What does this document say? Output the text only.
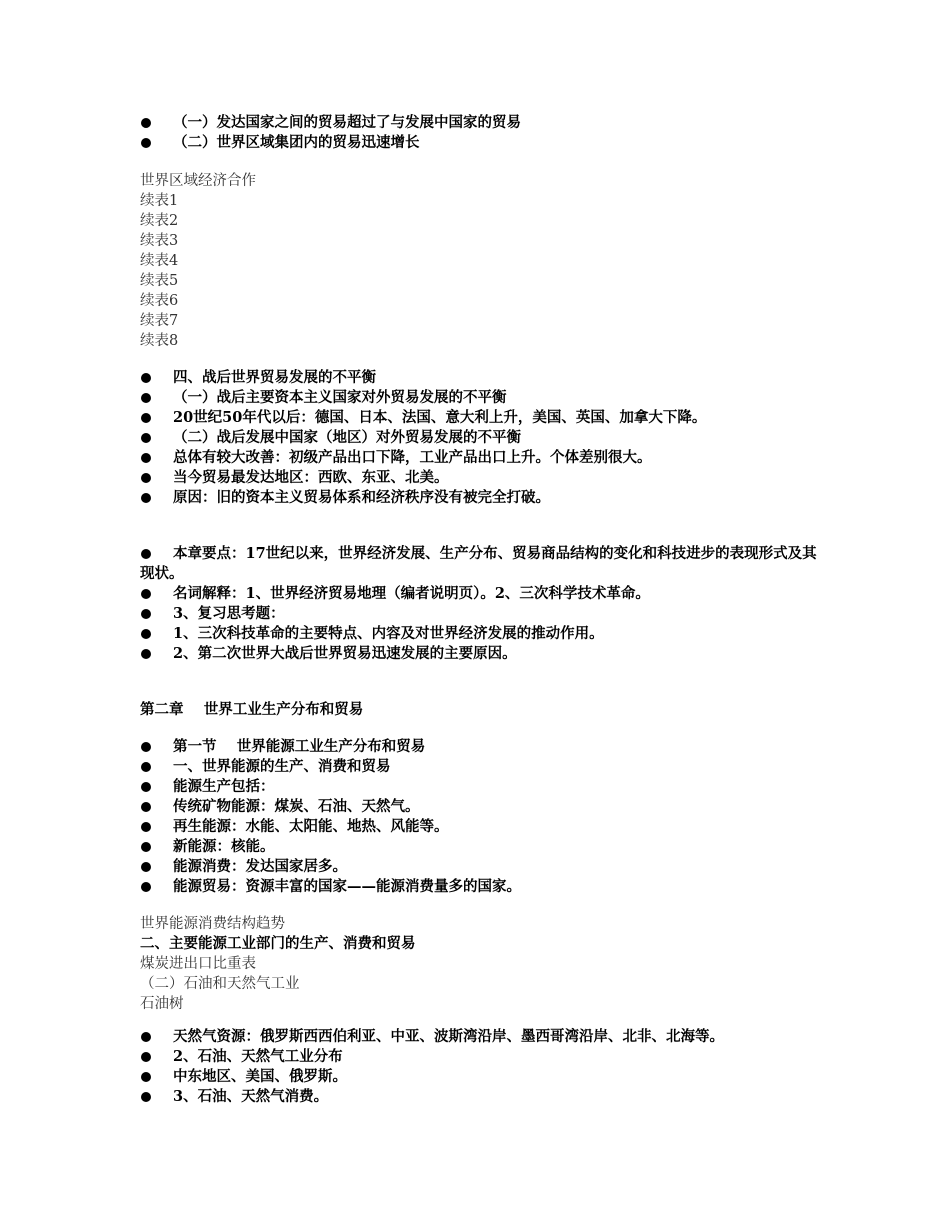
（一）发达国家之间的贸易超过了与发展中国家的贸易
（二）世界区域集团内的贸易迅速增长
世界区域经济合作
续表1
续表2
续表3
续表4
续表5
续表6
续表7
续表8
四、战后世界贸易发展的不平衡
（一）战后主要资本主义国家对外贸易发展的不平衡
20世纪50年代以后：德国、日本、法国、意大利上升，美国、英国、加拿大下降。
（二）战后发展中国家（地区）对外贸易发展的不平衡
总体有较大改善：初级产品出口下降，工业产品出口上升。个体差别很大。
当今贸易最发达地区：西欧、东亚、北美。
原因：旧的资本主义贸易体系和经济秩序没有被完全打破。
本章要点：17世纪以来，世界经济发展、生产分布、贸易商品结构的变化和科技进步的表现形式及其现状。
名词解释：1、世界经济贸易地理（编者说明页）。2、三次科学技术革命。
3、复习思考题：
1、三次科技革命的主要特点、内容及对世界经济发展的推动作用。
2、第二次世界大战后世界贸易迅速发展的主要原因。
第二章    世界工业生产分布和贸易
第一节    世界能源工业生产分布和贸易
一、世界能源的生产、消费和贸易
能源生产包括：
传统矿物能源：煤炭、石油、天然气。
再生能源：水能、太阳能、地热、风能等。
新能源：核能。
能源消费：发达国家居多。
能源贸易：资源丰富的国家——能源消费量多的国家。
世界能源消费结构趋势
二、主要能源工业部门的生产、消费和贸易
煤炭进出口比重表
（二）石油和天然气工业
石油树
天然气资源：俄罗斯西西伯利亚、中亚、波斯湾沿岸、墨西哥湾沿岸、北非、北海等。
2、石油、天然气工业分布
中东地区、美国、俄罗斯。
3、石油、天然气消费。
